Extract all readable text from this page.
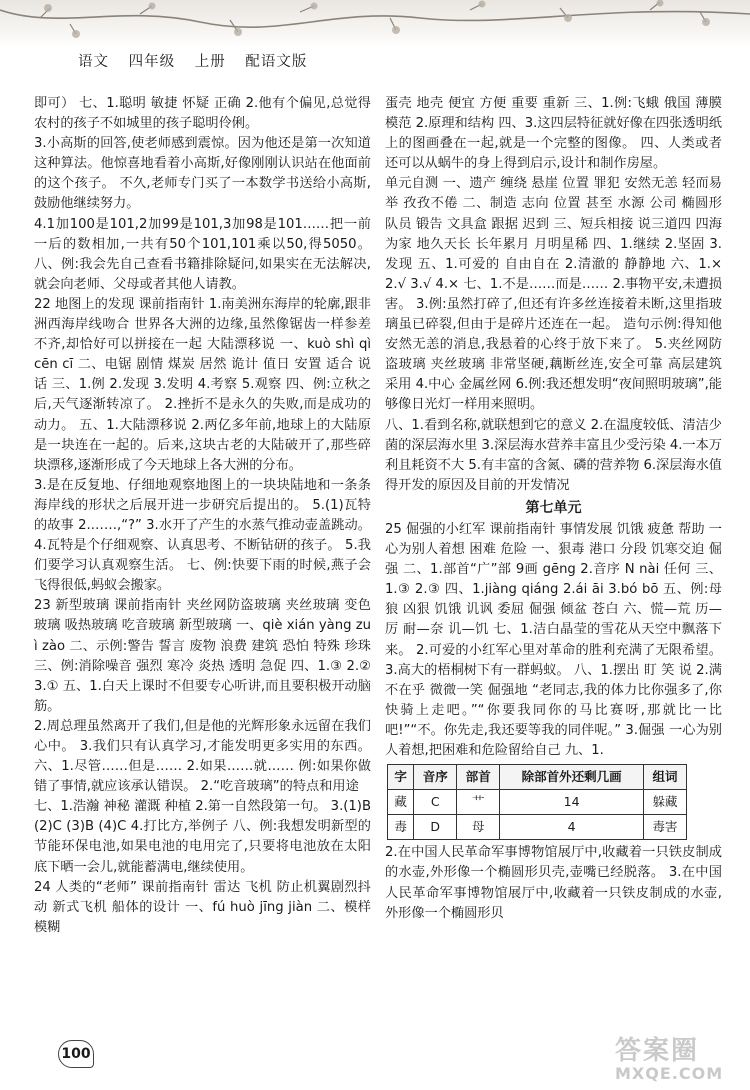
语文 四年级 上册 配语文版

即可） 七、1.聪明 敏捷 怀疑 正确 2.他有个偏见,总觉得农村的孩子不如城里的孩子聪明伶俐。

3.小高斯的回答,使老师感到震惊。因为他还是第一次知道这种算法。他惊喜地看着小高斯,好像刚刚认识站在他面前的这个孩子。 不久,老师专门买了一本数学书送给小高斯,鼓励他继续努力。

4.1加100是101,2加99是101,3加98是101……把一前一后的数相加,一共有50个101,101乘以50,得5050。 八、例:我会先自己查看书籍排除疑问,如果实在无法解决,就会向老师、父母或者其他人请教。

22 地图上的发现 课前指南针 1.南美洲东海岸的轮廓,跟非洲西海岸线吻合 世界各大洲的边缘,虽然像锯齿一样参差不齐,却恰好可以拼接在一起 大陆漂移说 一、kuò shì qì cēn cī 二、电锯 剧情 煤炭 居然 诡计 值日 安置 适合 说话 三、1.例 2.发现 3.发明 4.考察 5.观察 四、例:立秋之后,天气逐渐转凉了。 2.挫折不是永久的失败,而是成功的动力。 五、1.大陆漂移说 2.两亿多年前,地球上的大陆原是一块连在一起的。后来,这块古老的大陆破开了,那些碎块漂移,逐渐形成了今天地球上各大洲的分布。

3.是在反复地、仔细地观察地图上的一块块陆地和一条条海岸线的形状之后展开进一步研究后提出的。 5.(1)瓦特的故事 2.……,“?” 3.水开了产生的水蒸气推动壶盖跳动。 4.瓦特是个仔细观察、认真思考、不断钻研的孩子。 5.我们要学习认真观察生活。 七、例:快要下雨的时候,燕子会飞得很低,蚂蚁会搬家。

23 新型玻璃 课前指南针 夹丝网防盗玻璃 夹丝玻璃 变色玻璃 吸热玻璃 吃音玻璃 新型玻璃 一、qiè xián yàng zuì zào 二、示例:警告 誓言 废物 浪费 建筑 恐怕 特殊 珍珠 三、例:消除噪音 强烈 寒冷 炎热 透明 急促 四、1.③ 2.② 3.① 五、1.白天上课时不但要专心听讲,而且要积极开动脑筋。

2.周总理虽然离开了我们,但是他的光辉形象永远留在我们心中。 3.我们只有认真学习,才能发明更多实用的东西。 六、1.尽管……但是…… 2.如果……就…… 例:如果你做错了事情,就应该承认错误。 2.“吃音玻璃”的特点和用途

七、1.浩瀚 神秘 灌溉 种植 2.第一自然段第一句。 3.(1)B (2)C (3)B (4)C 4.打比方,举例子 八、例:我想发明新型的节能环保电池,如果电池的电用完了,只要将电池放在太阳底下晒一会儿,就能蓄满电,继续使用。

24 人类的“老师” 课前指南针 雷达 飞机 防止机翼剧烈抖动 新式飞机 船体的设计 一、fú huò jīng jiàn 二、模样 模糊

蛋壳 地壳 便宜 方便 重要 重新 三、1.例:飞蛾 俄国 薄膜 模范 2.原理和结构 四、3.这四层特征就好像在四张透明纸上的图画叠在一起,就是一个完整的图像。 四、人类或者还可以从蜗牛的身上得到启示,设计和制作房屋。

单元自测 一、遗产 缠绕 悬崖 位置 罪犯 安然无恙 轻而易举 孜孜不倦 二、制造 志向 位置 甚至 水源 公司 椭圆形 队员 锻告 文具盒 跟据 迟到 三、短兵相接 说三道四 四海为家 地久天长 长年累月 月明星稀 四、1.继续 2.坚固 3.发现 五、1.可爱的 自由自在 2.清澈的 静静地 六、1.× 2.√ 3.√ 4.× 七、1.不是……而是…… 2.事物平安,未遭损害。 3.例:虽然打碎了,但还有许多丝连接着未断,这里指玻璃虽已碎裂,但由于是碎片还连在一起。 造句示例:得知他安然无恙的消息,我悬着的心终于放下来了。 5.夹丝网防盗玻璃 夹丝玻璃 非常坚硬,藕断丝连,安全可靠 高层建筑采用 4.中心 金属丝网 6.例:我还想发明“夜间照明玻璃”,能够像日光灯一样用来照明。

八、1.看到名称,就联想到它的意义 2.在温度较低、清洁少菌的深层海水里 3.深层海水营养丰富且少受污染 4.一本万利且耗资不大 5.有丰富的含氮、磷的营养物 6.深层海水值得开发的原因及目前的开发情况

第七单元

25 倔强的小红军 课前指南针 事情发展 饥饿 疲惫 帮助 一心为别人着想 困难 危险 一、狠毒 港口 分段 饥寒交迫 倔强 二、1.部首“广”部 9画 gēng 2.音序 N nài 任何 三、1.③ 2.③ 四、1.jiàng qiáng 2.ái āi 3.bó bō 五、例:母狼 凶狠 饥饿 讥讽 委屈 倔强 倾盆 苍白 六、慌—荒 历—厉 耐—奈 讥—饥 七、1.洁白晶莹的雪花从天空中飘落下来。 2.可爱的小红军心里对革命的胜利充满了无限希望。 3.高大的梧桐树下有一群蚂蚁。 八、1.摆出 盯 笑 说 2.满不在乎 微微一笑 倔强地 “老同志,我的体力比你强多了,你快骑上走吧。”“你要我同你的马比赛呀,那就比一比吧!”“不。你先走,我还要等我的同伴呢。” 3.倔强 一心为别人着想,把困难和危险留给自己 九、1.

字	音序	部首	除部首外还剩几画	组词
藏	C	艹	14	躲藏
毒	D	母	4	毒害

2.在中国人民革命军事博物馆展厅中,收藏着一只铁皮制成的水壶,外形像一个椭圆形贝壳,壶嘴已经脱落。 3.在中国人民革命军事博物馆展厅中,收藏着一只铁皮制成的水壶,外形像一个椭圆形贝

100	答案圈
MXQE.COM
